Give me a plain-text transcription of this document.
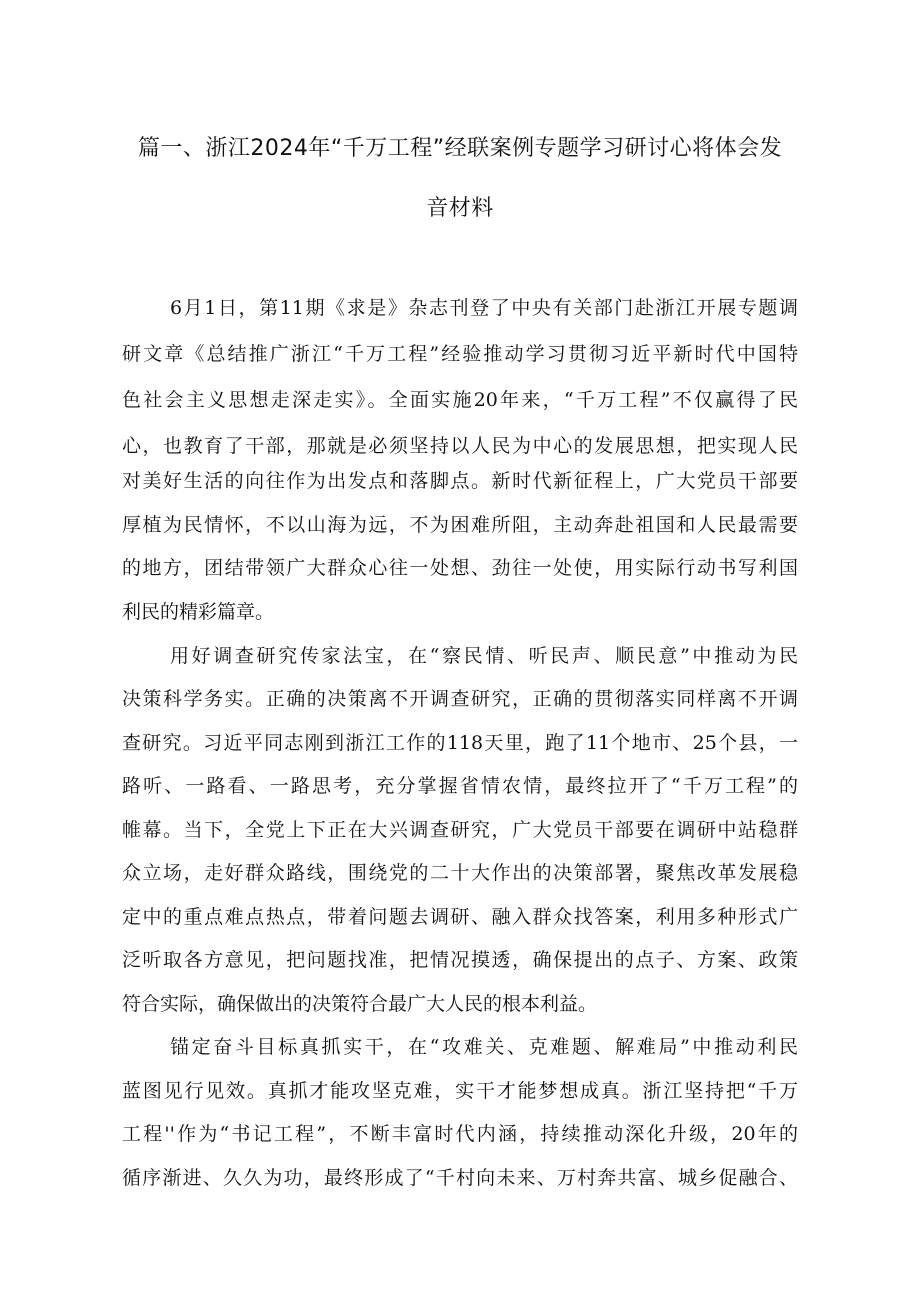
篇一、浙江2024年“千万工程”经联案例专题学习研讨心将体会发
音材料
6月1日，第11期《求是》杂志刊登了中央有关部门赴浙江开展专题调
研文章《总结推广浙江“千万工程”经验推动学习贯彻习近平新时代中国特
色社会主义思想走深走实》。全面实施20年来，“千万工程”不仅赢得了民
心，也教育了干部，那就是必须坚持以人民为中心的发展思想，把实现人民
对美好生活的向往作为出发点和落脚点。新时代新征程上，广大党员干部要
厚植为民情怀，不以山海为远，不为困难所阻，主动奔赴祖国和人民最需要
的地方，团结带领广大群众心往一处想、劲往一处使，用实际行动书写利国
利民的精彩篇章。
用好调查研究传家法宝，在“察民情、听民声、顺民意”中推动为民
决策科学务实。正确的决策离不开调查研究，正确的贯彻落实同样离不开调
查研究。习近平同志刚到浙江工作的118天里，跑了11个地市、25个县，一
路听、一路看、一路思考，充分掌握省情农情，最终拉开了“千万工程”的
帷幕。当下，全党上下正在大兴调查研究，广大党员干部要在调研中站稳群
众立场，走好群众路线，围绕党的二十大作出的决策部署，聚焦改革发展稳
定中的重点难点热点，带着问题去调研、融入群众找答案，利用多种形式广
泛听取各方意见，把问题找准，把情况摸透，确保提出的点子、方案、政策
符合实际，确保做出的决策符合最广大人民的根本利益。
锚定奋斗目标真抓实干，在“攻难关、克难题、解难局”中推动利民
蓝图见行见效。真抓才能攻坚克难，实干才能梦想成真。浙江坚持把“千万
工程''作为“书记工程”，不断丰富时代内涵，持续推动深化升级，20年的
循序渐进、久久为功，最终形成了“千村向未来、万村奔共富、城乡促融合、
